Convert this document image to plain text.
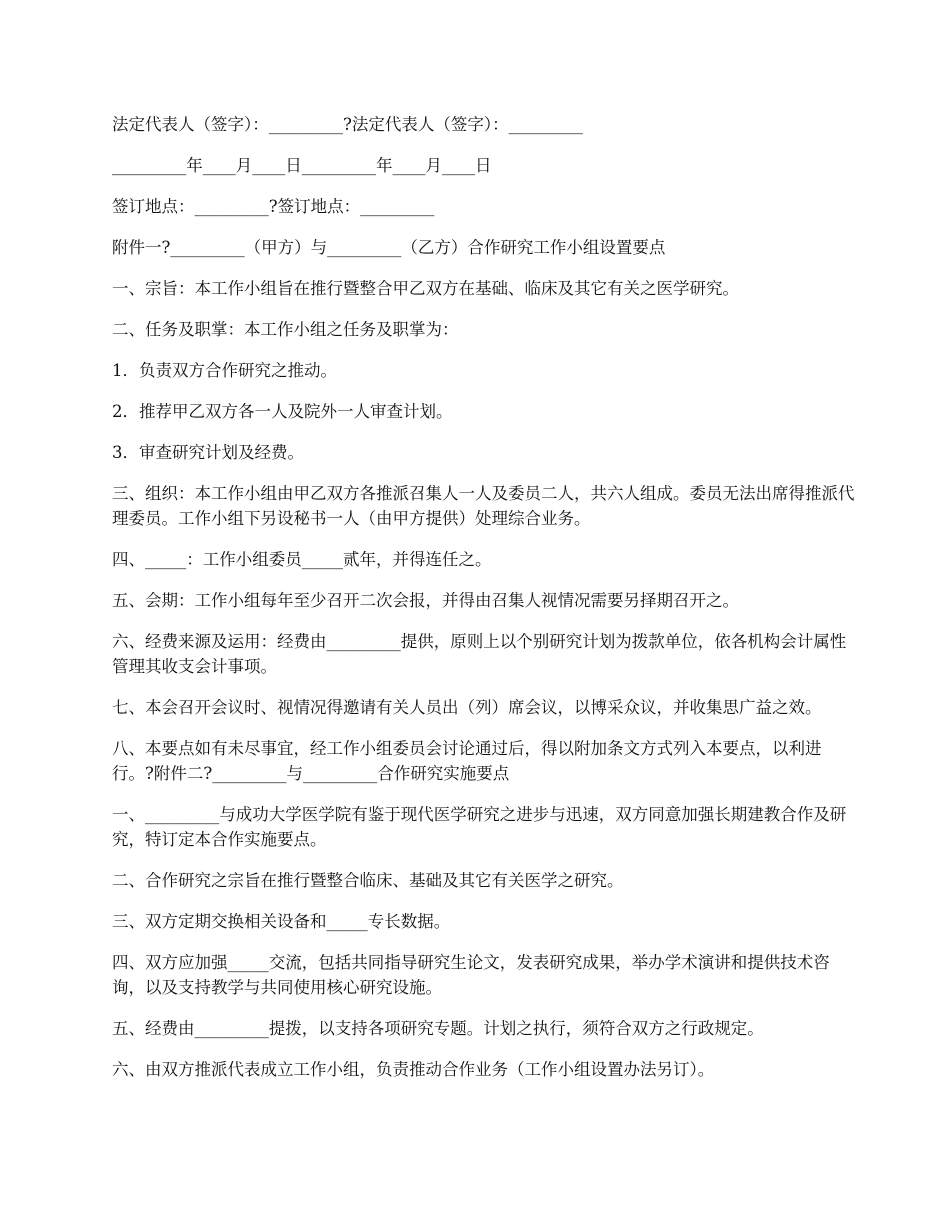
法定代表人（签字）：_________?法定代表人（签字）：_________

_________年____月____日_________年____月____日

签订地点：_________?签订地点：_________

附件一?_________（甲方）与_________（乙方）合作研究工作小组设置要点

一、宗旨：本工作小组旨在推行暨整合甲乙双方在基础、临床及其它有关之医学研究。

二、任务及职掌：本工作小组之任务及职掌为：

1．负责双方合作研究之推动。

2．推荐甲乙双方各一人及院外一人审查计划。

3．审查研究计划及经费。

三、组织：本工作小组由甲乙双方各推派召集人一人及委员二人，共六人组成。委员无法出席得推派代理委员。工作小组下另设秘书一人（由甲方提供）处理综合业务。

四、_____：工作小组委员_____贰年，并得连任之。

五、会期：工作小组每年至少召开二次会报，并得由召集人视情况需要另择期召开之。

六、经费来源及运用：经费由_________提供，原则上以个别研究计划为拨款单位，依各机构会计属性管理其收支会计事项。

七、本会召开会议时、视情况得邀请有关人员出（列）席会议，以博采众议，并收集思广益之效。

八、本要点如有未尽事宜，经工作小组委员会讨论通过后，得以附加条文方式列入本要点，以利进行。?附件二?_________与_________合作研究实施要点

一、_________与成功大学医学院有鉴于现代医学研究之进步与迅速，双方同意加强长期建教合作及研究，特订定本合作实施要点。

二、合作研究之宗旨在推行暨整合临床、基础及其它有关医学之研究。

三、双方定期交换相关设备和_____专长数据。

四、双方应加强_____交流，包括共同指导研究生论文，发表研究成果，举办学术演讲和提供技术咨询，以及支持教学与共同使用核心研究设施。

五、经费由_________提拨，以支持各项研究专题。计划之执行，须符合双方之行政规定。

六、由双方推派代表成立工作小组，负责推动合作业务（工作小组设置办法另订）。
